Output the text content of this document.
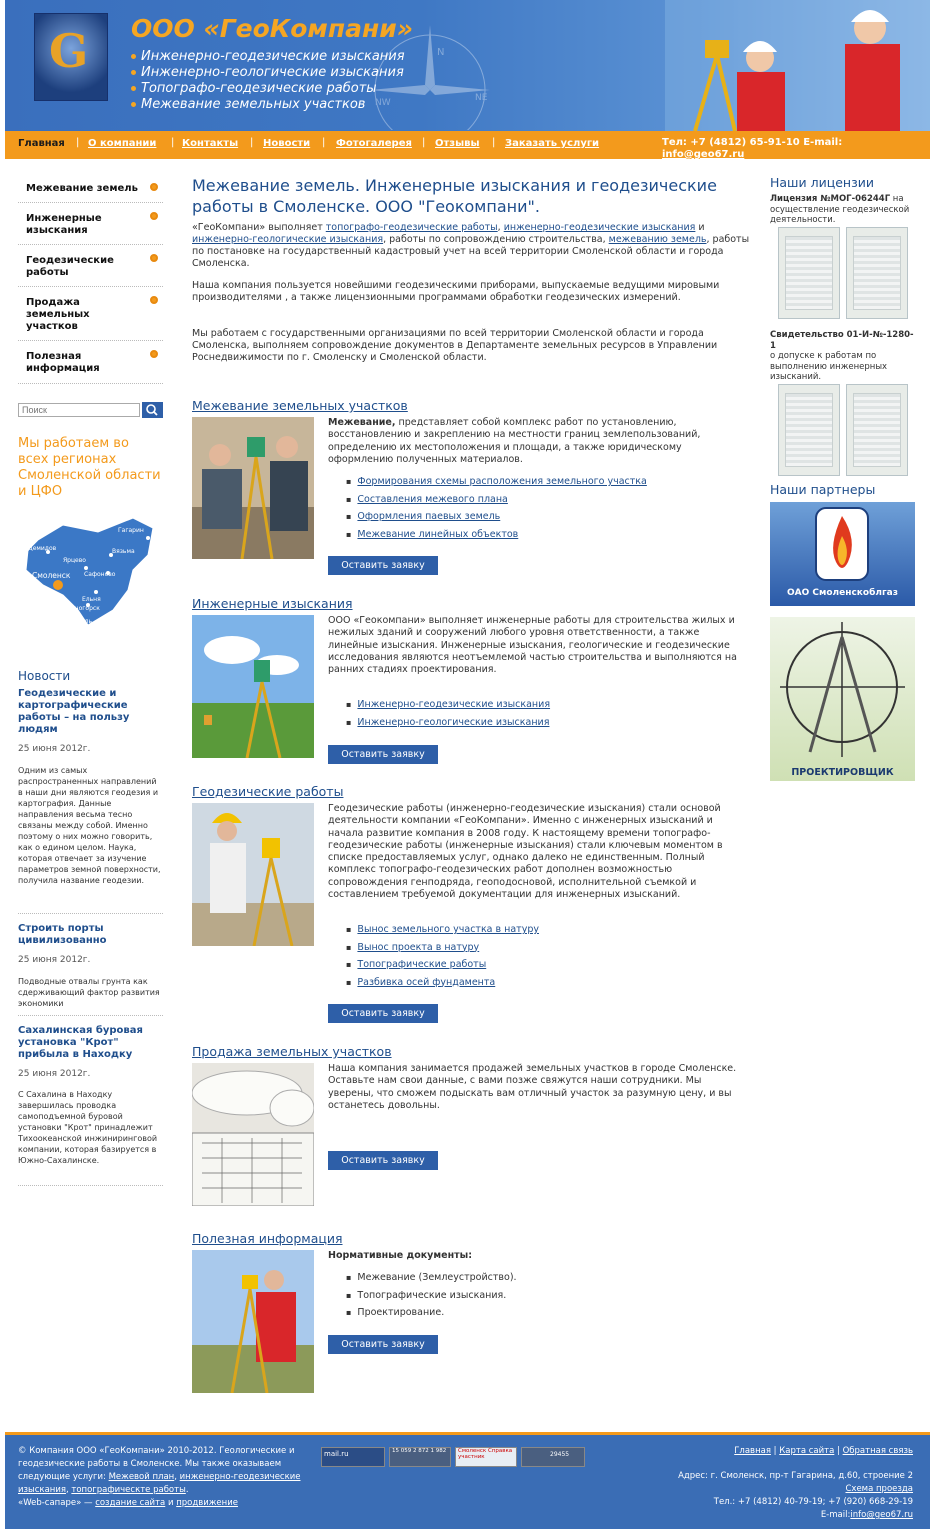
N
NE
NW
G ООО «ГеоКомпани»
Инженерно-геодезические изыскания
Инженерно-геологические изыскания
Топографо-геодезические работы
Межевание земельных участков
Главная | О компании | Контакты | Новости | Фотогалерея | Отзывы | Заказать услуги	Тел: +7 (4812) 65-91-10 E-mail:
info@geo67.ru
Межевание земель
Инженерные изыскания
Геодезические работы
Продажа земельных участков
Полезная информация
Поиск
Мы работаем во всех регионах Смоленской области и ЦФО
Гагарин
Демидов	Вязьма
Ярцево
Смоленск Сафоново
Ельня
Десногорск
Рославль
Новости
Геодезические и картографические работы – на пользу людям
25 июня 2012г.
Одним из самых распространенных направлений в наши дни являются геодезия и картография. Данные направления весьма тесно связаны между собой. Именно поэтому о них можно говорить, как о едином целом. Наука, которая отвечает за изучение параметров земной поверхности, получила название геодезии.
Строить порты цивилизованно
25 июня 2012г.
Подводные отвалы грунта как сдерживающий фактор развития экономики
Сахалинская буровая установка "Крот" прибыла в Находку
25 июня 2012г.
С Сахалина в Находку завершилась проводка самоподъемной буровой установки "Крот" принадлежит Тихоокеанской инжиниринговой компании, которая базируется в Южно-Сахалинске.
Межевание земель. Инженерные изыскания и геодезические работы в Смоленске. ООО "Геокомпани".
«ГеоКомпани» выполняет топографо-геодезические работы, инженерно-геодезические изыскания и инженерно-геологические изыскания, работы по сопровождению строительства, межеванию земель, работы по постановке на государственный кадастровый учет на всей территории Смоленской области и города Смоленска.
Наша компания пользуется новейшими геодезическими приборами, выпускаемые ведущими мировыми производителями , а также лицензионными программами обработки геодезических измерений.
Мы работаем с государственными организациями по всей территории Смоленской области и города Смоленска, выполняем сопровождение документов в Департаменте земельных ресурсов в Управлении Роснедвижимости по г. Смоленску и Смоленской области.
Межевание земельных участков
Межевание, представляет собой комплекс работ по установлению, восстановлению и закреплению на местности границ землепользований, определению их местоположения и площади, а также юридическому оформлению полученных материалов.
▪ Формирования схемы расположения земельного участка
▪ Составления межевого плана
▪ Оформления паевых земель
▪ Межевание линейных объектов
Оставить заявку
Инженерные изыскания
ООО «Геокомпани» выполняет инженерные работы для строительства жилых и нежилых зданий и сооружений любого уровня ответственности, а также линейные изыскания. Инженерные изыскания, геологические и геодезические исследования являются неотъемлемой частью строительства и выполняются на ранних стадиях проектирования.
▪ Инженерно-геодезические изыскания
▪ Инженерно-геологические изыскания
Оставить заявку
Геодезические работы
Геодезические работы (инженерно-геодезические изыскания) стали основой деятельности компании «ГеоКомпани». Именно с инженерных изысканий и начала развитие компания в 2008 году. К настоящему времени топографо-геодезические работы (инженерные изыскания) стали ключевым моментом в списке предоставляемых услуг, однако далеко не единственным. Полный комплекс топографо-геодезических работ дополнен возможностью сопровождения генподряда, геоподосновой, исполнительной съемкой и составлением требуемой документации для инженерных изысканий.
▪ Вынос земельного участка в натуру
▪ Вынос проекта в натуру
▪ Топографические работы
▪ Разбивка осей фундамента
Оставить заявку
Продажа земельных участков
Наша компания занимается продажей земельных участков в городе Смоленске. Оставьте нам свои данные, с вами позже свяжутся наши сотрудники. Мы уверены, что сможем подыскать вам отличный участок за разумную цену, и вы останетесь довольны.
Оставить заявку
Полезная информация
Нормативные документы:
▪ Межевание (Землеустройство).
▪ Топографические изыскания.
▪ Проектирование.
Оставить заявку
Наши лицензии
Лицензия №МОГ-06244Г на осуществление геодезической деятельности.
Свидетельство 01-И-№-1280-1
о допуске к работам по выполнению инженерных изысканий.
Наши партнеры
ОАО Смоленскоблгаз
ПРОЕКТИРОВЩИК
© Компания ООО «ГеоКомпани» 2010-2012. Геологические и геодезические работы в Смоленске. Мы также оказываем следующие услуги: Межевой план, инженерно-геодезические изыскания, топографическте работы.
«Web-сапаре» — создание сайта и продвижение
mail.ru	15 059 2 872 1 982	Смоленск Справка участник	29455	Главная | Карта сайта | Обратная связь
Адрес: г. Смоленск, пр-т Гагарина, д.60, строение 2
Схема проезда
Тел.: +7 (4812) 40-79-19; +7 (920) 668-29-19
E-mail:info@geo67.ru
